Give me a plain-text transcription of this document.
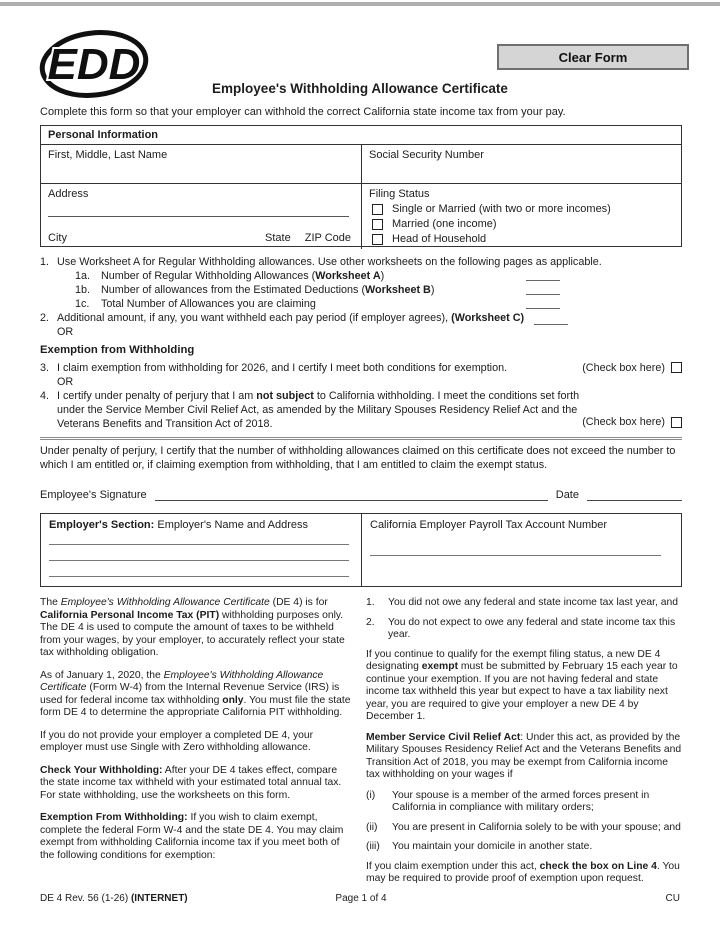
EDD	Clear Form
Employee's Withholding Allowance Certificate
Complete this form so that your employer can withhold the correct California state income tax from your pay.
Personal Information
First, Middle, Last Name	Social Security Number
Address
City	State ZIP Code
Filing Status
Single or Married (with two or more incomes)
Married (one income)
Head of Household
1. Use Worksheet A for Regular Withholding allowances. Use other worksheets on the following pages as applicable.
1a.	Number of Regular Withholding Allowances (Worksheet A)
1b.	Number of allowances from the Estimated Deductions (Worksheet B)
1c.	Total Number of Allowances you are claiming
2. Additional amount, if any, you want withheld each pay period (if employer agrees), (Worksheet C)
OR
Exemption from Withholding
3. I claim exemption from withholding for 2026, and I certify I meet both conditions for exemption.	(Check box here)
OR
4. I certify under penalty of perjury that I am not subject to California withholding. I meet the conditions set forth under the Service Member Civil Relief Act, as amended by the Military Spouses Residency Relief Act and the Veterans Benefits and Transition Act of 2018.	(Check box here)
Under penalty of perjury, I certify that the number of withholding allowances claimed on this certificate does not exceed the number to which I am entitled or, if claiming exemption from withholding, that I am entitled to claim the exempt status.
Employee's Signature	Date
Employer's Section: Employer's Name and Address	California Employer Payroll Tax Account Number

The Employee's Withholding Allowance Certificate (DE 4) is for California Personal Income Tax (PIT) withholding purposes only. The DE 4 is used to compute the amount of taxes to be withheld from your wages, by your employer, to accurately reflect your state tax withholding obligation.

As of January 1, 2020, the Employee's Withholding Allowance Certificate (Form W-4) from the Internal Revenue Service (IRS) is used for federal income tax withholding only. You must file the state form DE 4 to determine the appropriate California PIT withholding.

If you do not provide your employer a completed DE 4, your employer must use Single with Zero withholding allowance.

Check Your Withholding: After your DE 4 takes effect, compare the state income tax withheld with your estimated total annual tax. For state withholding, use the worksheets on this form.

Exemption From Withholding: If you wish to claim exempt, complete the federal Form W-4 and the state DE 4. You may claim exempt from withholding California income tax if you meet both of the following conditions for exemption:

1.	You did not owe any federal and state income tax last year, and
2.	You do not expect to owe any federal and state income tax this year.
If you continue to qualify for the exempt filing status, a new DE 4 designating exempt must be submitted by February 15 each year to continue your exemption. If you are not having federal and state income tax withheld this year but expect to have a tax liability next year, you are required to give your employer a new DE 4 by December 1.
Member Service Civil Relief Act: Under this act, as provided by the Military Spouses Residency Relief Act and the Veterans Benefits and Transition Act of 2018, you may be exempt from California income tax withholding on your wages if
(i)	Your spouse is a member of the armed forces present in California in compliance with military orders;
(ii)	You are present in California solely to be with your spouse; and
(iii)	You maintain your domicile in another state.
If you claim exemption under this act, check the box on Line 4. You may be required to provide proof of exemption upon request.
DE 4 Rev. 56 (1-26) (INTERNET)	Page 1 of 4	CU
